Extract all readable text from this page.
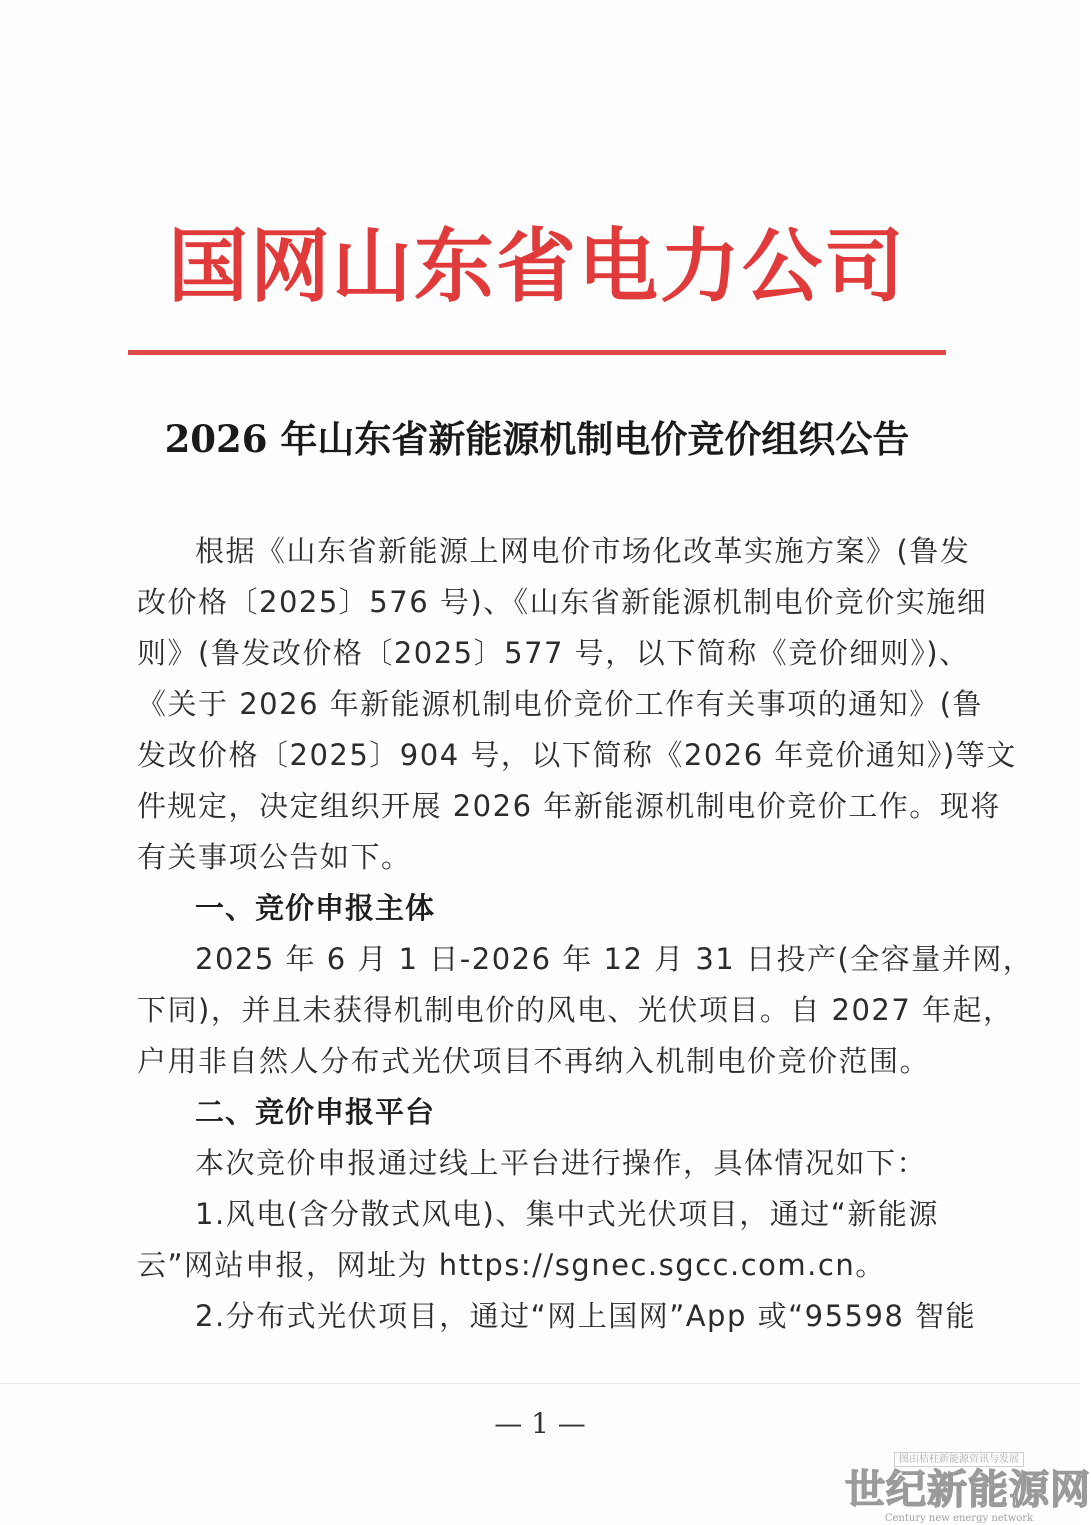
国网山东省电力公司
2026 年山东省新能源机制电价竞价组织公告
根据《山东省新能源上网电价市场化改革实施方案》(鲁发
改价格〔2025〕576 号)、《山东省新能源机制电价竞价实施细
则》(鲁发改价格〔2025〕577 号，以下简称《竞价细则》)、
《关于 2026 年新能源机制电价竞价工作有关事项的通知》(鲁
发改价格〔2025〕904 号，以下简称《2026 年竞价通知》)等文
件规定，决定组织开展 2026 年新能源机制电价竞价工作。现将
有关事项公告如下。
一、竞价申报主体
2025 年 6 月 1 日-2026 年 12 月 31 日投产(全容量并网，
下同)，并且未获得机制电价的风电、光伏项目。自 2027 年起，
户用非自然人分布式光伏项目不再纳入机制电价竞价范围。
二、竞价申报平台
本次竞价申报通过线上平台进行操作，具体情况如下：
1.风电(含分散式风电)、集中式光伏项目，通过“新能源
云”网站申报，网址为 https://sgnec.sgcc.com.cn。
2.分布式光伏项目，通过“网上国网”App 或“95598 智能
— 1 —
图由桔柱新能源资讯与发展
世纪新能源网
Century new energy network
